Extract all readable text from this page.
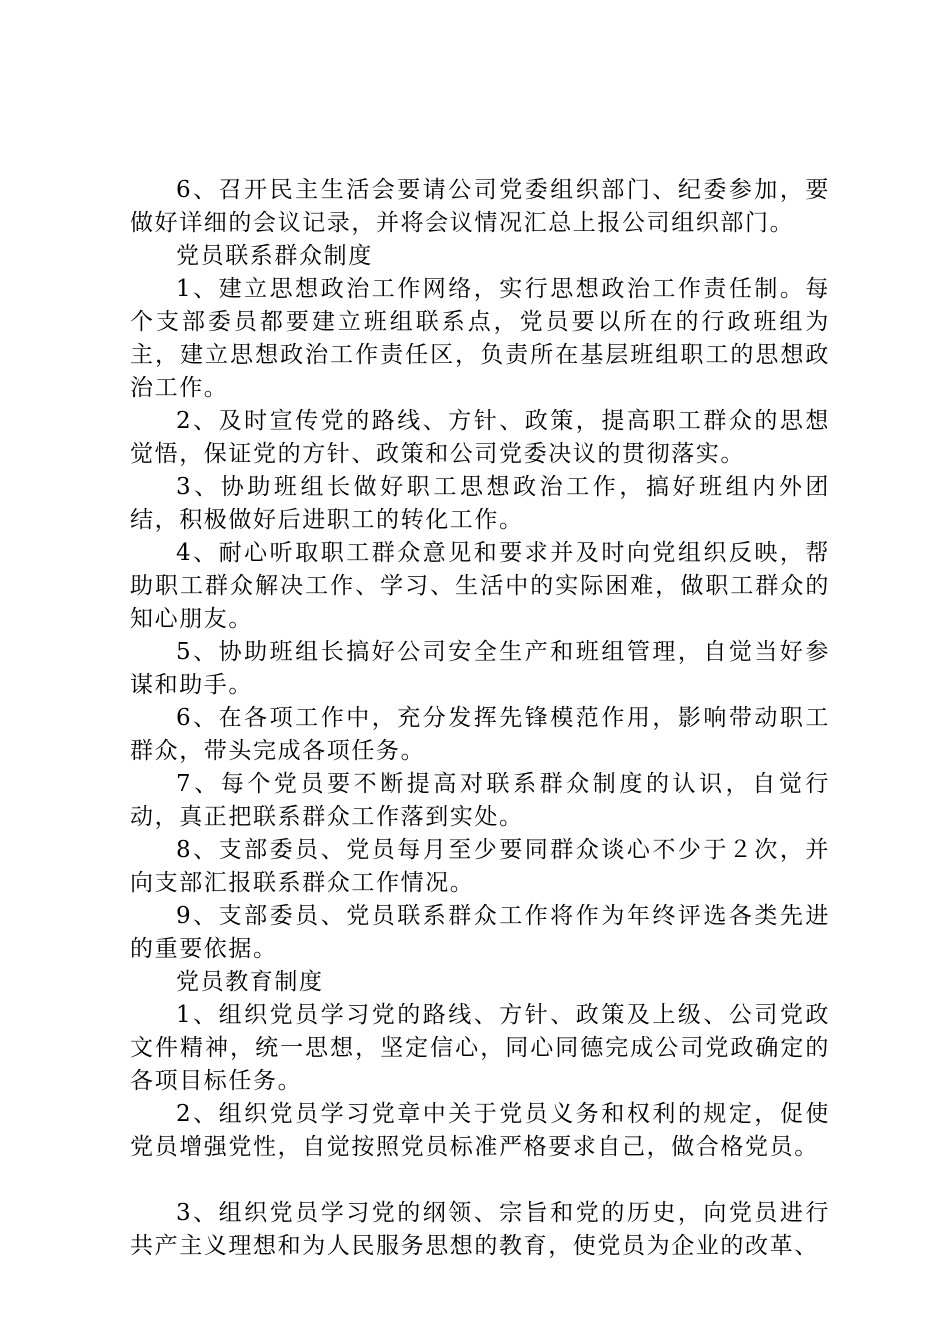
6、召开民主生活会要请公司党委组织部门、纪委参加，要做好详细的会议记录，并将会议情况汇总上报公司组织部门。

党员联系群众制度

1、建立思想政治工作网络，实行思想政治工作责任制。每个支部委员都要建立班组联系点，党员要以所在的行政班组为主，建立思想政治工作责任区，负责所在基层班组职工的思想政治工作。

2、及时宣传党的路线、方针、政策，提高职工群众的思想觉悟，保证党的方针、政策和公司党委决议的贯彻落实。

3、协助班组长做好职工思想政治工作，搞好班组内外团结，积极做好后进职工的转化工作。

4、耐心听取职工群众意见和要求并及时向党组织反映，帮助职工群众解决工作、学习、生活中的实际困难，做职工群众的知心朋友。

5、协助班组长搞好公司安全生产和班组管理，自觉当好参谋和助手。

6、在各项工作中，充分发挥先锋模范作用，影响带动职工群众，带头完成各项任务。

7、每个党员要不断提高对联系群众制度的认识，自觉行动，真正把联系群众工作落到实处。

8、支部委员、党员每月至少要同群众谈心不少于２次，并向支部汇报联系群众工作情况。

9、支部委员、党员联系群众工作将作为年终评选各类先进的重要依据。

党员教育制度

1、组织党员学习党的路线、方针、政策及上级、公司党政文件精神，统一思想，坚定信心，同心同德完成公司党政确定的各项目标任务。

2、组织党员学习党章中关于党员义务和权利的规定，促使党员增强党性，自觉按照党员标准严格要求自己，做合格党员。

3、组织党员学习党的纲领、宗旨和党的历史，向党员进行共产主义理想和为人民服务思想的教育，使党员为企业的改革、
